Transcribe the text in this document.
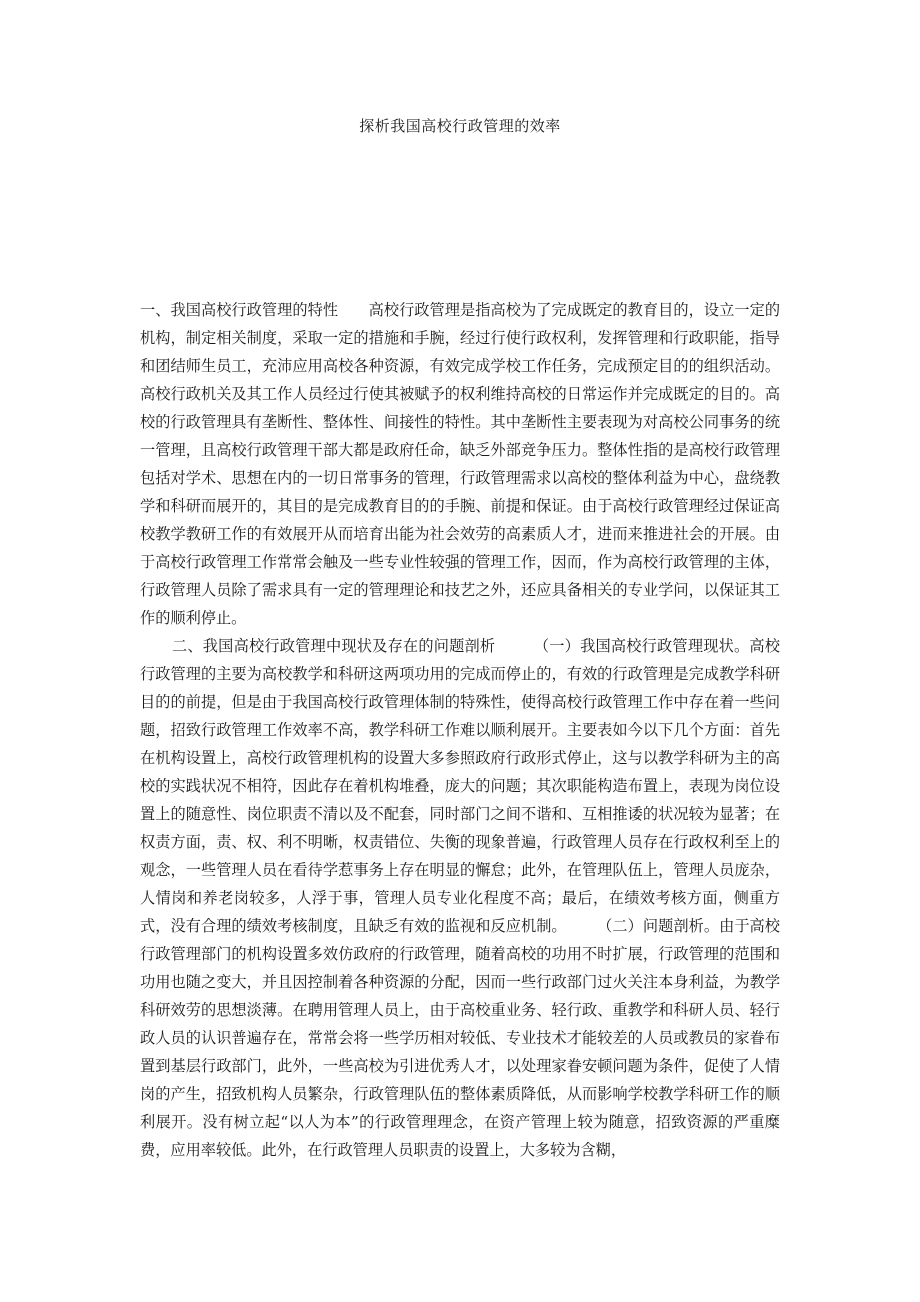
探析我国高校行政管理的效率

一、我国高校行政管理的特性　　高校行政管理是指高校为了完成既定的教育目的，设立一定的机构，制定相关制度，采取一定的措施和手腕，经过行使行政权利，发挥管理和行政职能，指导和团结师生员工，充沛应用高校各种资源，有效完成学校工作任务，完成预定目的的组织活动。高校行政机关及其工作人员经过行使其被赋予的权利维持高校的日常运作并完成既定的目的。高校的行政管理具有垄断性、整体性、间接性的特性。其中垄断性主要表现为对高校公同事务的统一管理，且高校行政管理干部大都是政府任命，缺乏外部竞争压力。整体性指的是高校行政管理包括对学术、思想在内的一切日常事务的管理，行政管理需求以高校的整体利益为中心，盘绕教学和科研而展开的，其目的是完成教育目的的手腕、前提和保证。由于高校行政管理经过保证高校教学教研工作的有效展开从而培育出能为社会效劳的高素质人才，进而来推进社会的开展。由于高校行政管理工作常常会触及一些专业性较强的管理工作，因而，作为高校行政管理的主体，行政管理人员除了需求具有一定的管理理论和技艺之外，还应具备相关的专业学问，以保证其工作的顺利停止。

二、我国高校行政管理中现状及存在的问题剖析　　　（一）我国高校行政管理现状。高校行政管理的主要为高校教学和科研这两项功用的完成而停止的，有效的行政管理是完成教学科研目的的前提，但是由于我国高校行政管理体制的特殊性，使得高校行政管理工作中存在着一些问题，招致行政管理工作效率不高，教学科研工作难以顺利展开。主要表如今以下几个方面：首先在机构设置上，高校行政管理机构的设置大多参照政府行政形式停止，这与以教学科研为主的高校的实践状况不相符，因此存在着机构堆叠，庞大的问题；其次职能构造布置上，表现为岗位设置上的随意性、岗位职责不清以及不配套，同时部门之间不谐和、互相推诿的状况较为显著；在权责方面，责、权、利不明晰，权责错位、失衡的现象普遍，行政管理人员存在行政权利至上的观念，一些管理人员在看待学惹事务上存在明显的懈怠；此外，在管理队伍上，管理人员庞杂，人情岗和养老岗较多，人浮于事，管理人员专业化程度不高；最后，在绩效考核方面，侧重方式，没有合理的绩效考核制度，且缺乏有效的监视和反应机制。　　　（二）问题剖析。由于高校行政管理部门的机构设置多效仿政府的行政管理，随着高校的功用不时扩展，行政管理的范围和功用也随之变大，并且因控制着各种资源的分配，因而一些行政部门过火关注本身利益，为教学科研效劳的思想淡薄。在聘用管理人员上，由于高校重业务、轻行政、重教学和科研人员、轻行政人员的认识普遍存在，常常会将一些学历相对较低、专业技术才能较差的人员或教员的家眷布置到基层行政部门，此外，一些高校为引进优秀人才，以处理家眷安顿问题为条件，促使了人情岗的产生，招致机构人员繁杂，行政管理队伍的整体素质降低，从而影响学校教学科研工作的顺利展开。没有树立起“以人为本”的行政管理理念，在资产管理上较为随意，招致资源的严重糜费，应用率较低。此外，在行政管理人员职责的设置上，大多较为含糊，
